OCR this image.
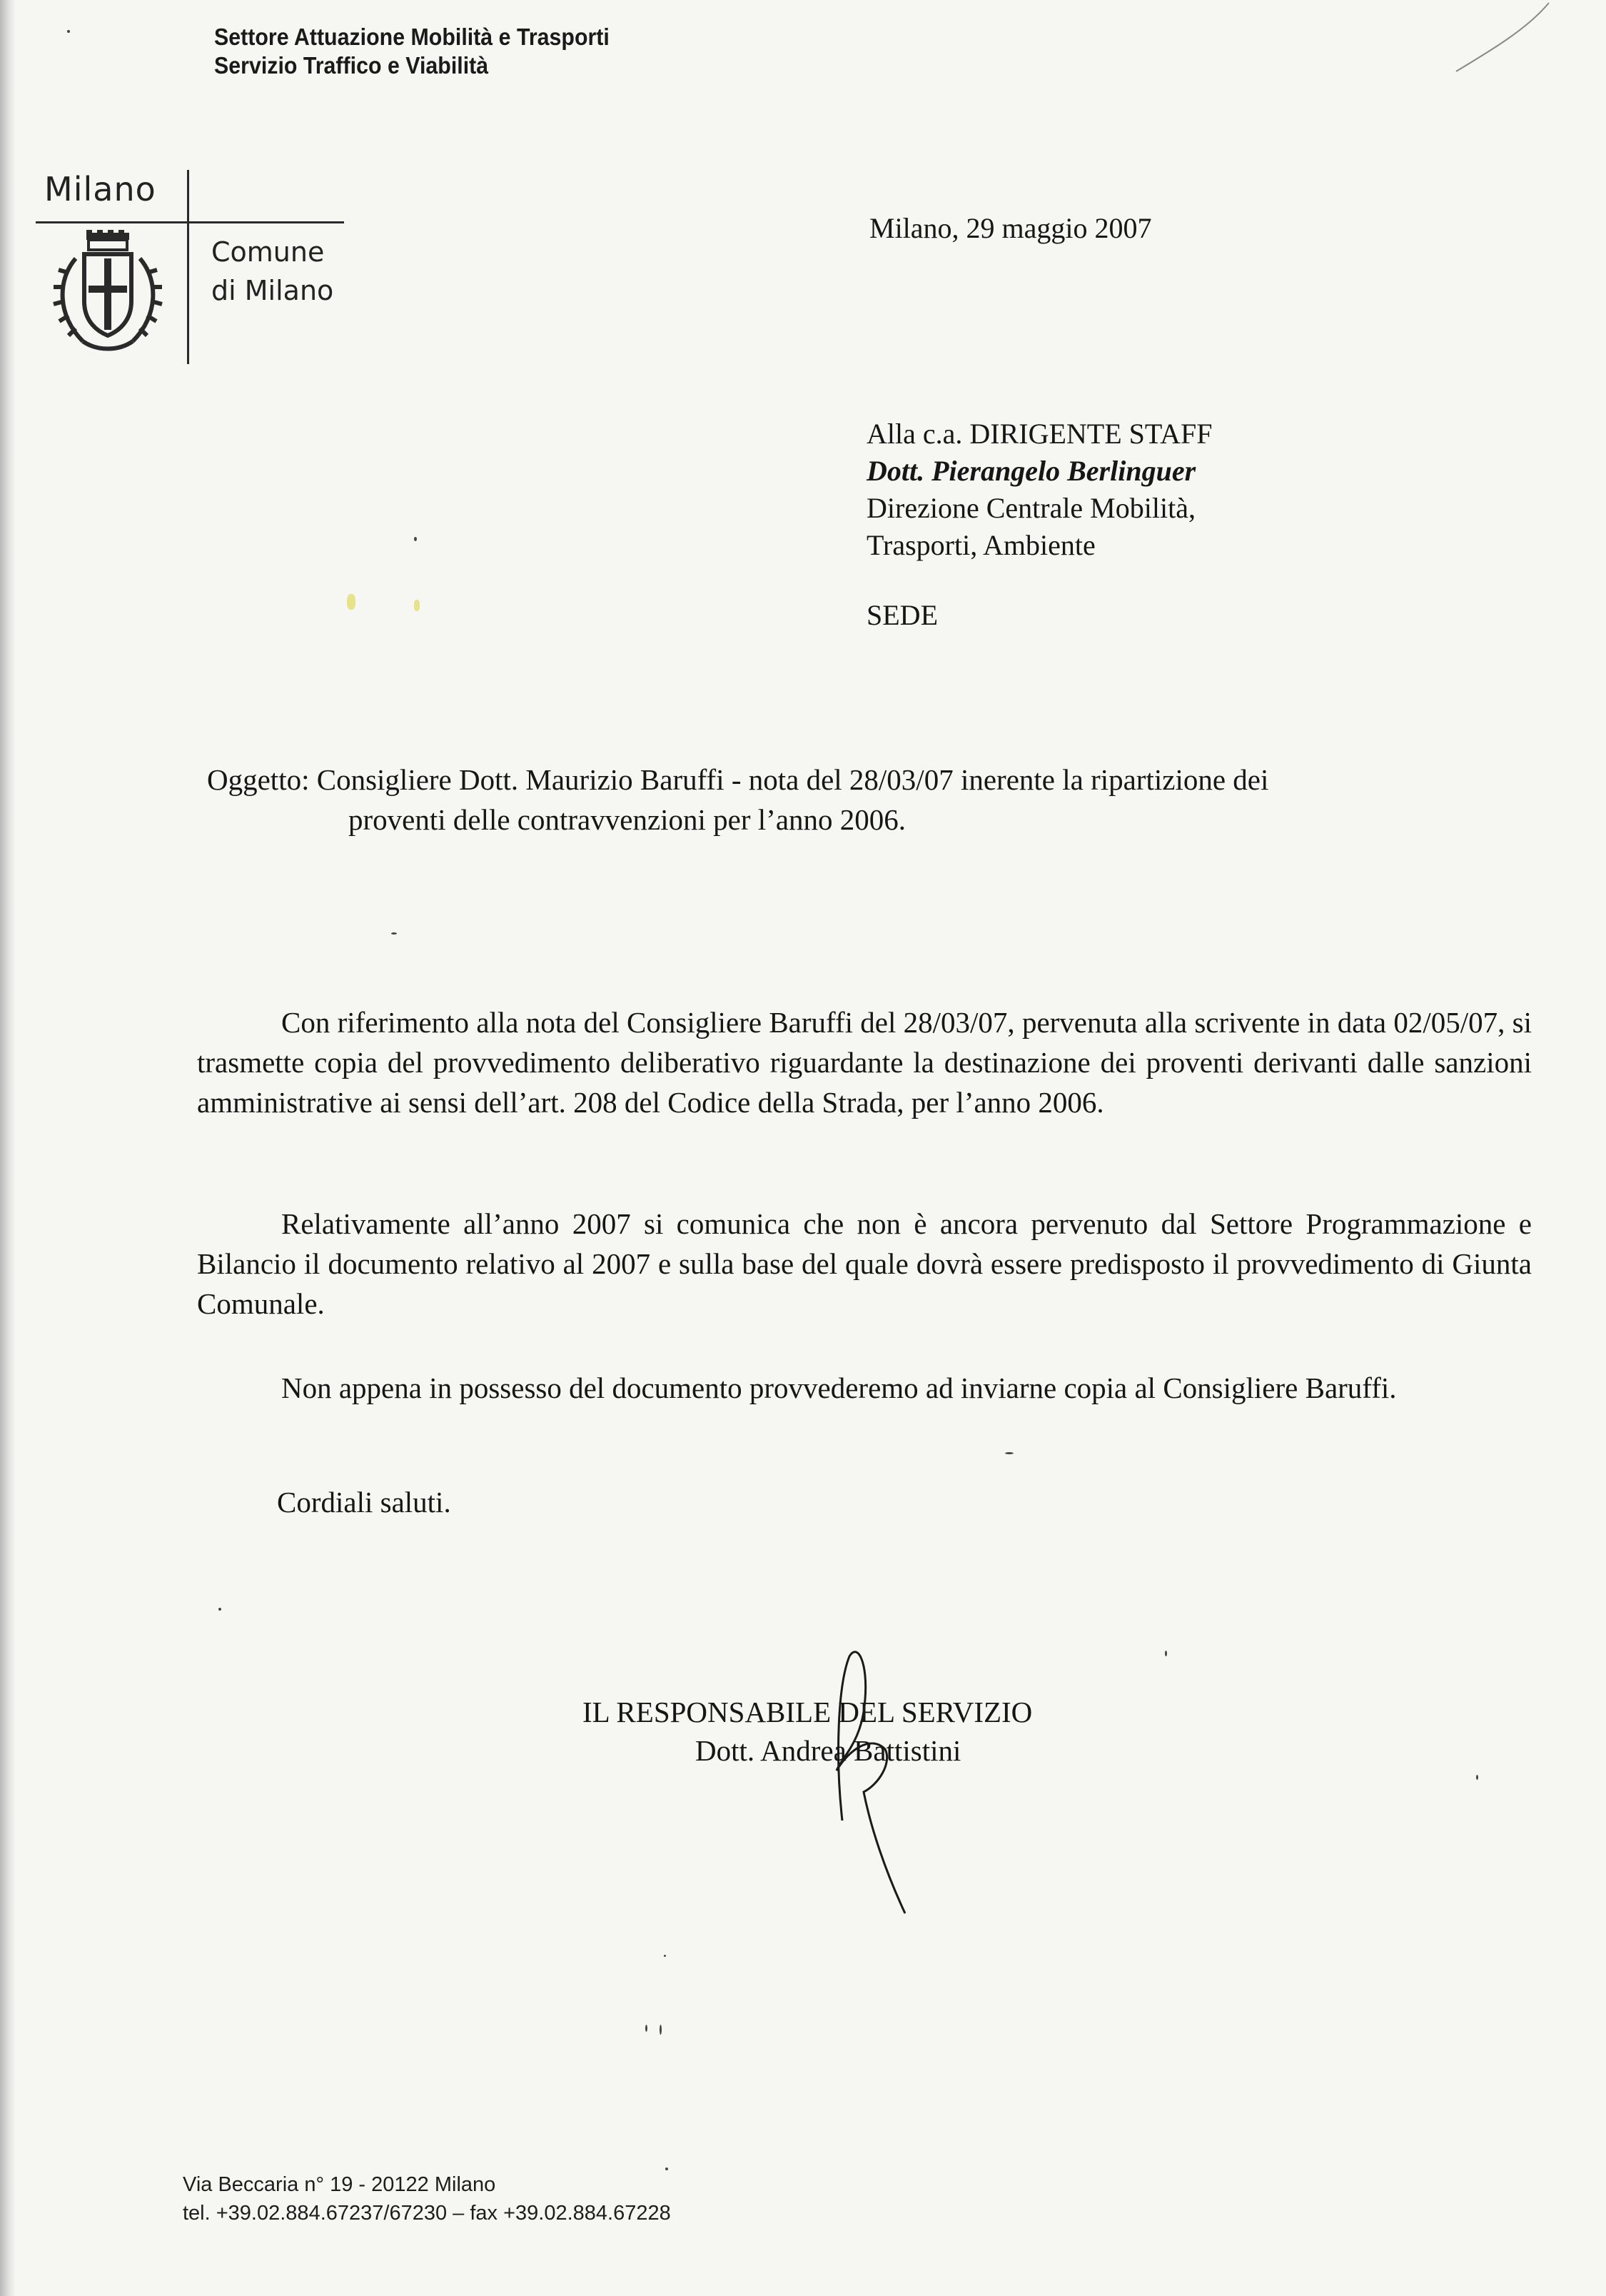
Settore Attuazione Mobilità e Trasporti
Servizio Traffico e Viabilità
Milano
Comune
di Milano
Milano, 29 maggio 2007
Alla c.a. DIRIGENTE STAFF
Dott. Pierangelo Berlinguer
Direzione Centrale Mobilità,
Trasporti, Ambiente
SEDE
Oggetto: Consigliere Dott. Maurizio Baruffi - nota del 28/03/07 inerente la ripartizione dei
proventi delle contravvenzioni per l’anno 2006.
Con riferimento alla nota del Consigliere Baruffi del 28/03/07, pervenuta alla scrivente in data 02/05/07, si trasmette copia del provvedimento deliberativo riguardante la destinazione dei proventi derivanti dalle sanzioni amministrative ai sensi dell’art. 208 del Codice della Strada, per l’anno 2006.
Relativamente all’anno 2007 si comunica che non è ancora pervenuto dal Settore Programmazione e Bilancio il documento relativo al 2007 e sulla base del quale dovrà essere predisposto il provvedimento di Giunta Comunale.
Non appena in possesso del documento provvederemo ad inviarne copia al Consigliere Baruffi.
Cordiali saluti.
IL RESPONSABILE DEL SERVIZIO
Dott. Andrea Battistini
Via Beccaria n° 19 - 20122 Milano
tel. +39.02.884.67237/67230 – fax +39.02.884.67228
